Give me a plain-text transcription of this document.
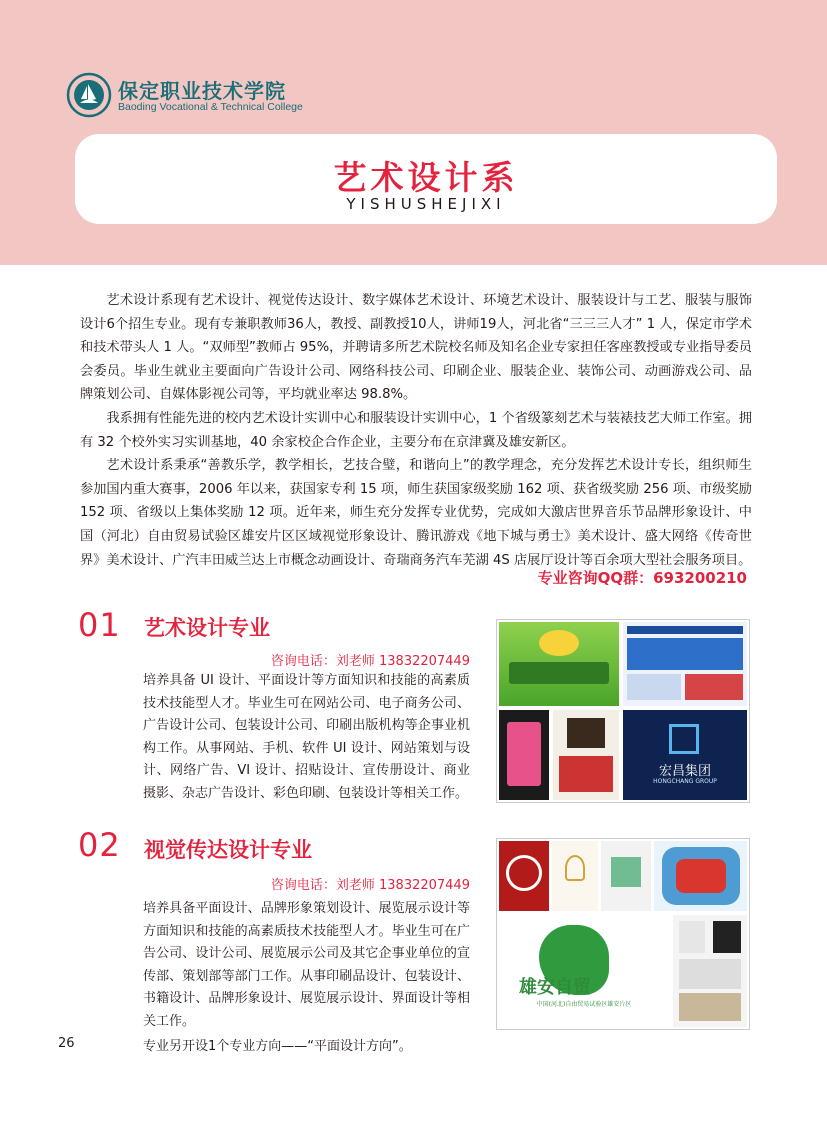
保定职业技术学院
Baoding Vocational & Technical College
艺术设计系
YISHUSHEJIXI

艺术设计系现有艺术设计、视觉传达设计、数字媒体艺术设计、环境艺术设计、服装设计与工艺、服装与服饰设计6个招生专业。现有专兼职教师36人，教授、副教授10人，讲师19人，河北省“三三三人才” 1 人，保定市学术和技术带头人 1 人。“双师型”教师占 95%，并聘请多所艺术院校名师及知名企业专家担任客座教授或专业指导委员会委员。毕业生就业主要面向广告设计公司、网络科技公司、印刷企业、服装企业、装饰公司、动画游戏公司、品牌策划公司、自媒体影视公司等，平均就业率达 98.8%。

我系拥有性能先进的校内艺术设计实训中心和服装设计实训中心，1 个省级篆刻艺术与装裱技艺大师工作室。拥有 32 个校外实习实训基地，40 余家校企合作企业，主要分布在京津冀及雄安新区。

艺术设计系秉承“善教乐学，教学相长，艺技合璧，和谐向上”的教学理念，充分发挥艺术设计专长，组织师生参加国内重大赛事，2006 年以来，获国家专利 15 项，师生获国家级奖励 162 项、获省级奖励 256 项、市级奖励 152 项、省级以上集体奖励 12 项。近年来，师生充分发挥专业优势，完成如大激店世界音乐节品牌形象设计、中国（河北）自由贸易试验区雄安片区区域视觉形象设计、腾讯游戏《地下城与勇士》美术设计、盛大网络《传奇世界》美术设计、广汽丰田威兰达上市概念动画设计、奇瑞商务汽车芜湖 4S 店展厅设计等百余项大型社会服务项目。

专业咨询QQ群：693200210
01 艺术设计专业
咨询电话：刘老师 13832207449
培养具备 UI 设计、平面设计等方面知识和技能的高素质技术技能型人才。毕业生可在网站公司、电子商务公司、广告设计公司、包装设计公司、印刷出版机构等企事业机构工作。从事网站、手机、软件 UI 设计、网站策划与设计、网络广告、VI 设计、招贴设计、宣传册设计、商业摄影、杂志广告设计、彩色印刷、包装设计等相关工作。
宏昌集团
HONGCHANG GROUP
02 视觉传达设计专业
咨询电话：刘老师 13832207449

培养具备平面设计、品牌形象策划设计、展览展示设计等方面知识和技能的高素质技术技能型人才。毕业生可在广告公司、设计公司、展览展示公司及其它企事业单位的宣传部、策划部等部门工作。从事印刷品设计、包装设计、书籍设计、品牌形象设计、展览展示设计、界面设计等相关工作。

专业另开设1个专业方向——“平面设计方向”。

雄安自贸
中国(河北)自由贸易试验区雄安片区
26
